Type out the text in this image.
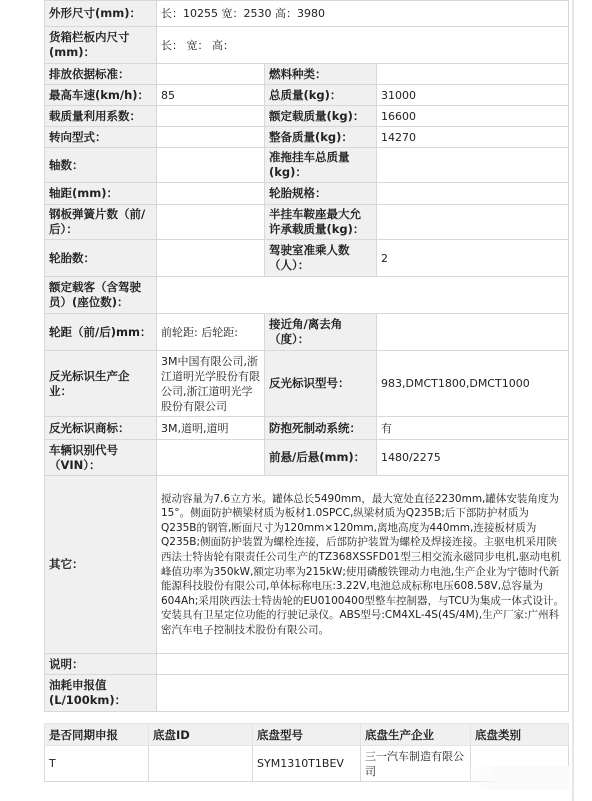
外形尺寸(mm)：	长：10255 宽：2530 高：3980		
货箱栏板内尺寸(mm)：	长： 宽： 高：		
排放依据标准：		燃料种类：	
最高车速(km/h)：	85	总质量(kg)：	31000
载质量利用系数：		额定载质量(kg)：	16600
转向型式：		整备质量(kg)：	14270
轴数：		准拖挂车总质量(kg)：	
轴距(mm)：		轮胎规格：	
钢板弹簧片数（前/后）：		半挂车鞍座最大允许承载质量(kg)：	
轮胎数：		驾驶室准乘人数（人）：	2
额定载客（含驾驶员）(座位数)：			
轮距（前/后)mm：	前轮距: 后轮距:	接近角/离去角（度）：	
反光标识生产企业：	3M中国有限公司,浙江道明光学股份有限公司,浙江道明光学股份有限公司	反光标识型号：	983,DMCT1800,DMCT1000
反光标识商标：	3M,道明,道明	防抱死制动系统：	有
车辆识别代号（VIN）：		前悬/后悬(mm)：	1480/2275
其它：	搅动容量为7.6立方米。罐体总长5490mm，最大宽处直径2230mm,罐体安装角度为 15°。侧面防护横梁材质为板材1.0SPCC,纵梁材质为Q235B;后下部防护材质为Q235B的钢管,断面尺寸为120mm×120mm,离地高度为440mm,连接板材质为Q235B;侧面防护装置为螺栓连接，后部防护装置为螺栓及焊接连接。主驱电机采用陕西法士特齿轮有限责任公司生产的TZ368XSSFD01型三相交流永磁同步电机,驱动电机峰值功率为350kW,额定功率为215kW;使用磷酸铁锂动力电池,生产企业为宁德时代新能源科技股份有限公司,单体标称电压:3.22V,电池总成标称电压608.58V,总容量为604Ah;采用陕西法士特齿轮的EU0100400型整车控制器，与TCU为集成一体式设计。安装具有卫星定位功能的行驶记录仪。ABS型号:CM4XL-4S(4S/4M),生产厂家:广州科密汽车电子控制技术股份有限公司。		
说明：			
油耗申报值(L/100km)：			
是否同期申报	底盘ID	底盘型号	底盘生产企业	底盘类别
T		SYM1310T1BEV	三一汽车制造有限公司	
